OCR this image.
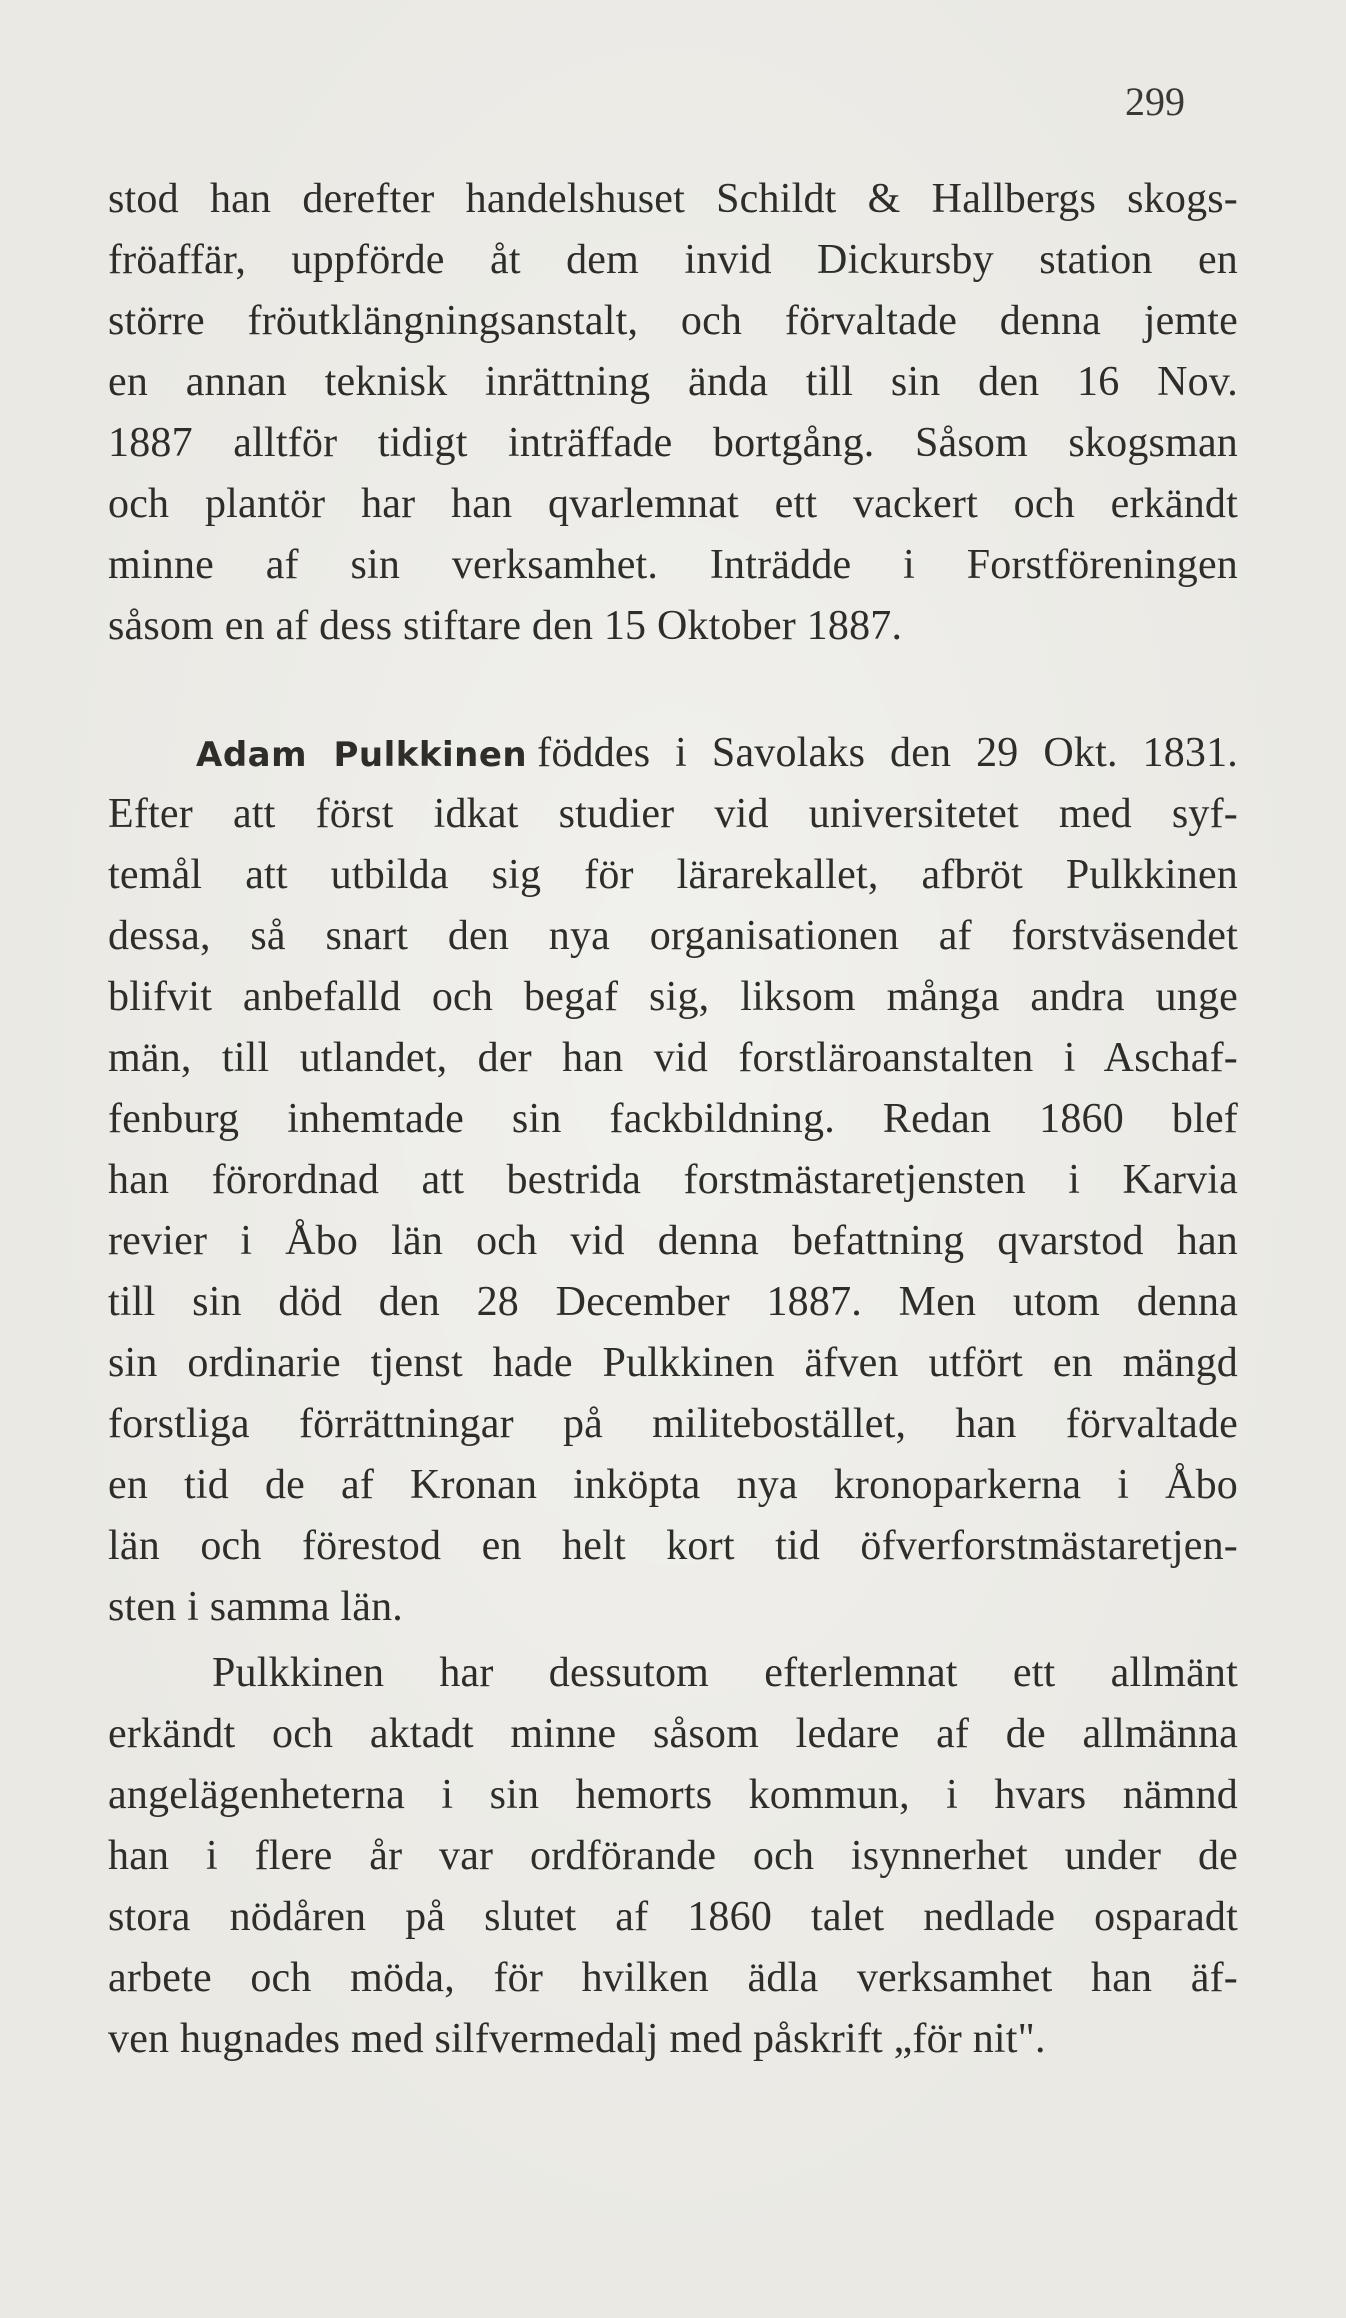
299
stod han derefter handelshuset Schildt & Hallbergs skogs-
fröaffär, uppförde åt dem invid Dickursby station en
större fröutklängningsanstalt, och förvaltade denna jemte
en annan teknisk inrättning ända till sin den 16 Nov.
1887 alltför tidigt inträffade bortgång. Såsom skogsman
och plantör har han qvarlemnat ett vackert och erkändt
minne af sin verksamhet. Inträdde i Forstföreningen
såsom en af dess stiftare den 15 Oktober 1887.
Adam Pulkkinen föddes i Savolaks den 29 Okt. 1831.
Efter att först idkat studier vid universitetet med syf-
temål att utbilda sig för lärarekallet, afbröt Pulkkinen
dessa, så snart den nya organisationen af forstväsendet
blifvit anbefalld och begaf sig, liksom många andra unge
män, till utlandet, der han vid forstläroanstalten i Aschaf-
fenburg inhemtade sin fackbildning. Redan 1860 blef
han förordnad att bestrida forstmästaretjensten i Karvia
revier i Åbo län och vid denna befattning qvarstod han
till sin död den 28 December 1887. Men utom denna
sin ordinarie tjenst hade Pulkkinen äfven utfört en mängd
forstliga förrättningar på militebostället, han förvaltade
en tid de af Kronan inköpta nya kronoparkerna i Åbo
län och förestod en helt kort tid öfverforstmästaretjen-
sten i samma län.
Pulkkinen har dessutom efterlemnat ett allmänt
erkändt och aktadt minne såsom ledare af de allmänna
angelägenheterna i sin hemorts kommun, i hvars nämnd
han i flere år var ordförande och isynnerhet under de
stora nödåren på slutet af 1860 talet nedlade osparadt
arbete och möda, för hvilken ädla verksamhet han äf-
ven hugnades med silfvermedalj med påskrift „för nit".
